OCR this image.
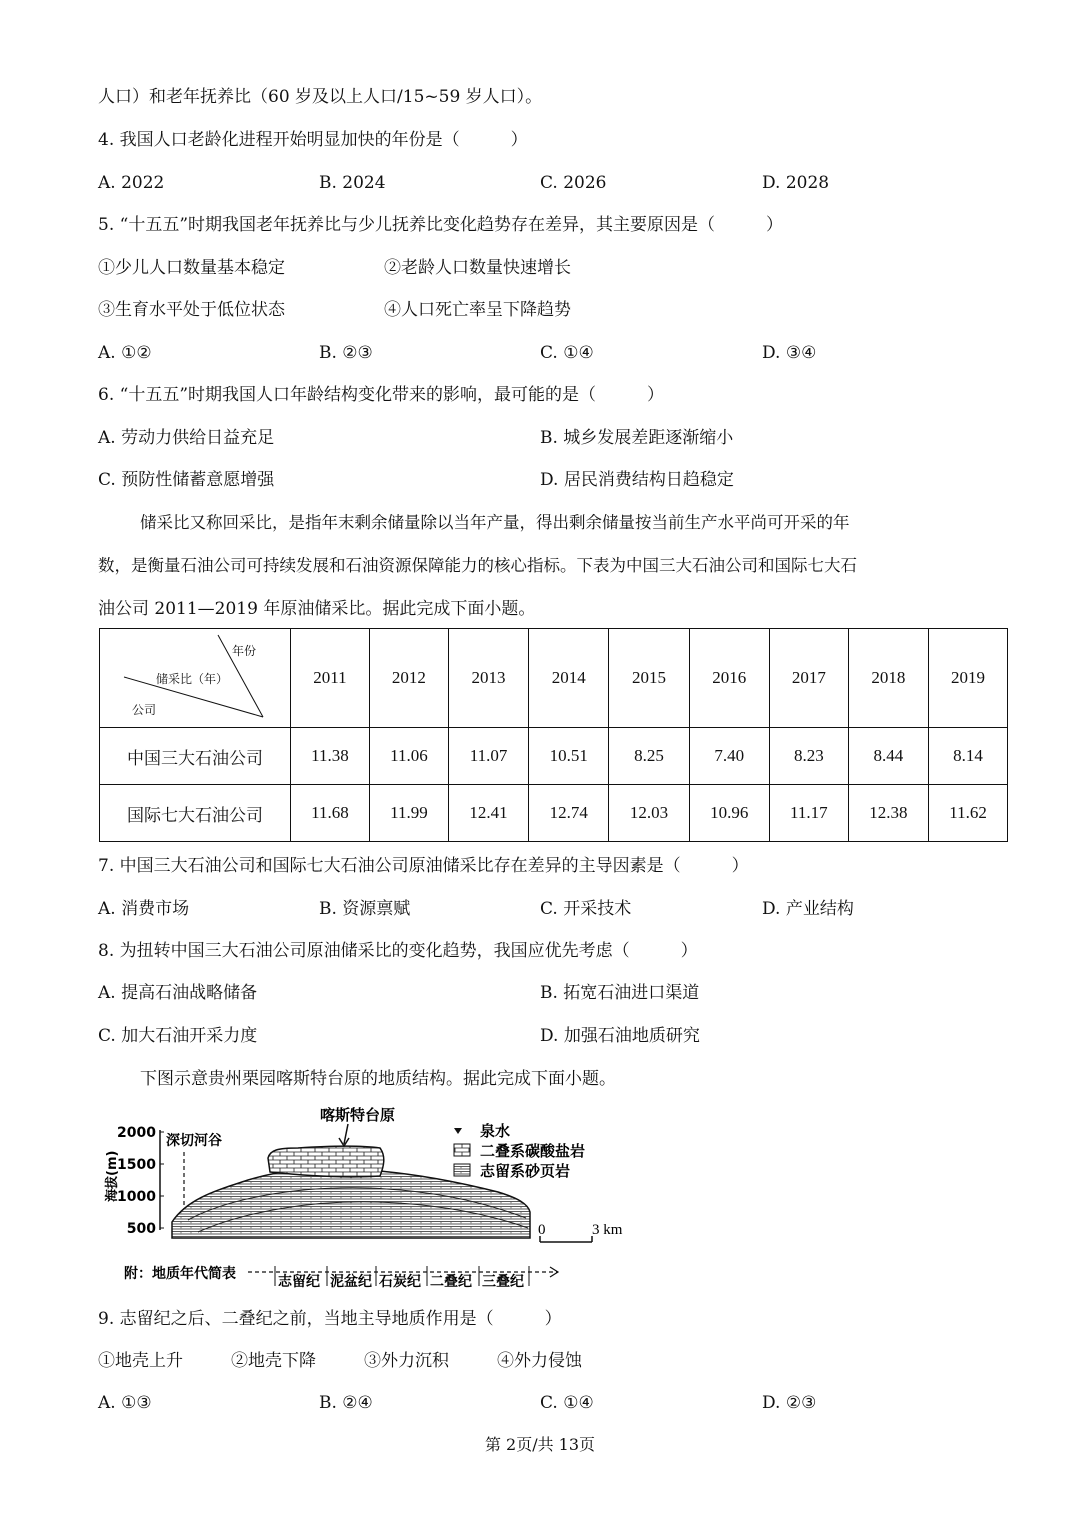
人口）和老年抚养比（60 岁及以上人口/15~59 岁人口）。
4. 我国人口老龄化进程开始明显加快的年份是（　　　）
A. 2022	B. 2024	C. 2026	D. 2028
5. “十五五”时期我国老年抚养比与少儿抚养比变化趋势存在差异，其主要原因是（　　　）
①少儿人口数量基本稳定	②老龄人口数量快速增长
③生育水平处于低位状态	④人口死亡率呈下降趋势
A. ①②	B. ②③	C. ①④	D. ③④
6. “十五五”时期我国人口年龄结构变化带来的影响，最可能的是（　　　）
A. 劳动力供给日益充足	B. 城乡发展差距逐渐缩小
C. 预防性储蓄意愿增强	D. 居民消费结构日趋稳定
储采比又称回采比，是指年末剩余储量除以当年产量，得出剩余储量按当前生产水平尚可开采的年
数，是衡量石油公司可持续发展和石油资源保障能力的核心指标。下表为中国三大石油公司和国际七大石
油公司 2011—2019 年原油储采比。据此完成下面小题。
年份
储采比（年）
公司	2011	2012	2013	2014	2015	2016	2017	2018	2019
中国三大石油公司	11.38	11.06	11.07	10.51	8.25	7.40	8.23	8.44	8.14
国际七大石油公司	11.68	11.99	12.41	12.74	12.03	10.96	11.17	12.38	11.62
7. 中国三大石油公司和国际七大石油公司原油储采比存在差异的主导因素是（　　　）
A. 消费市场	B. 资源禀赋	C. 开采技术	D. 产业结构
8. 为扭转中国三大石油公司原油储采比的变化趋势，我国应优先考虑（　　　）
A. 提高石油战略储备	B. 拓宽石油进口渠道
C. 加大石油开采力度	D. 加强石油地质研究
下图示意贵州栗园喀斯特台原的地质结构。据此完成下面小题。
2000
1500
1000
500
海拔(m)
深切河谷
喀斯特台原
泉水
二叠系碳酸盐岩
志留系砂页岩
0	3 km
附：地质年代简表	志留纪 泥盆纪 石炭纪 二叠纪 三叠纪
9. 志留纪之后、二叠纪之前，当地主导地质作用是（　　　）
①地壳上升	②地壳下降	③外力沉积	④外力侵蚀
A. ①③	B. ②④	C. ①④	D. ②③
第 2页/共 13页
